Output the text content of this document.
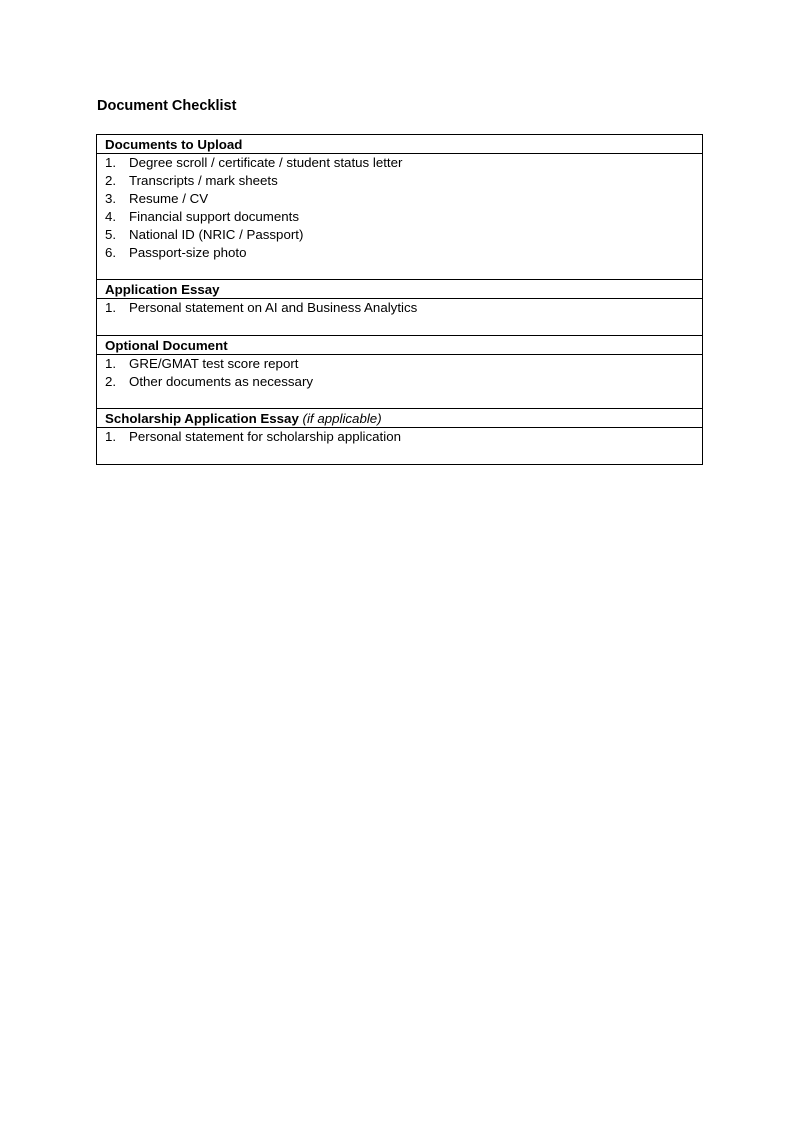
Document Checklist
Documents to Upload
1. Degree scroll / certificate / student status letter
2. Transcripts / mark sheets
3. Resume / CV
4. Financial support documents
5. National ID (NRIC / Passport)
6. Passport-size photo
Application Essay
1. Personal statement on AI and Business Analytics
Optional Document
1. GRE/GMAT test score report
2. Other documents as necessary
Scholarship Application Essay (if applicable)
1. Personal statement for scholarship application
